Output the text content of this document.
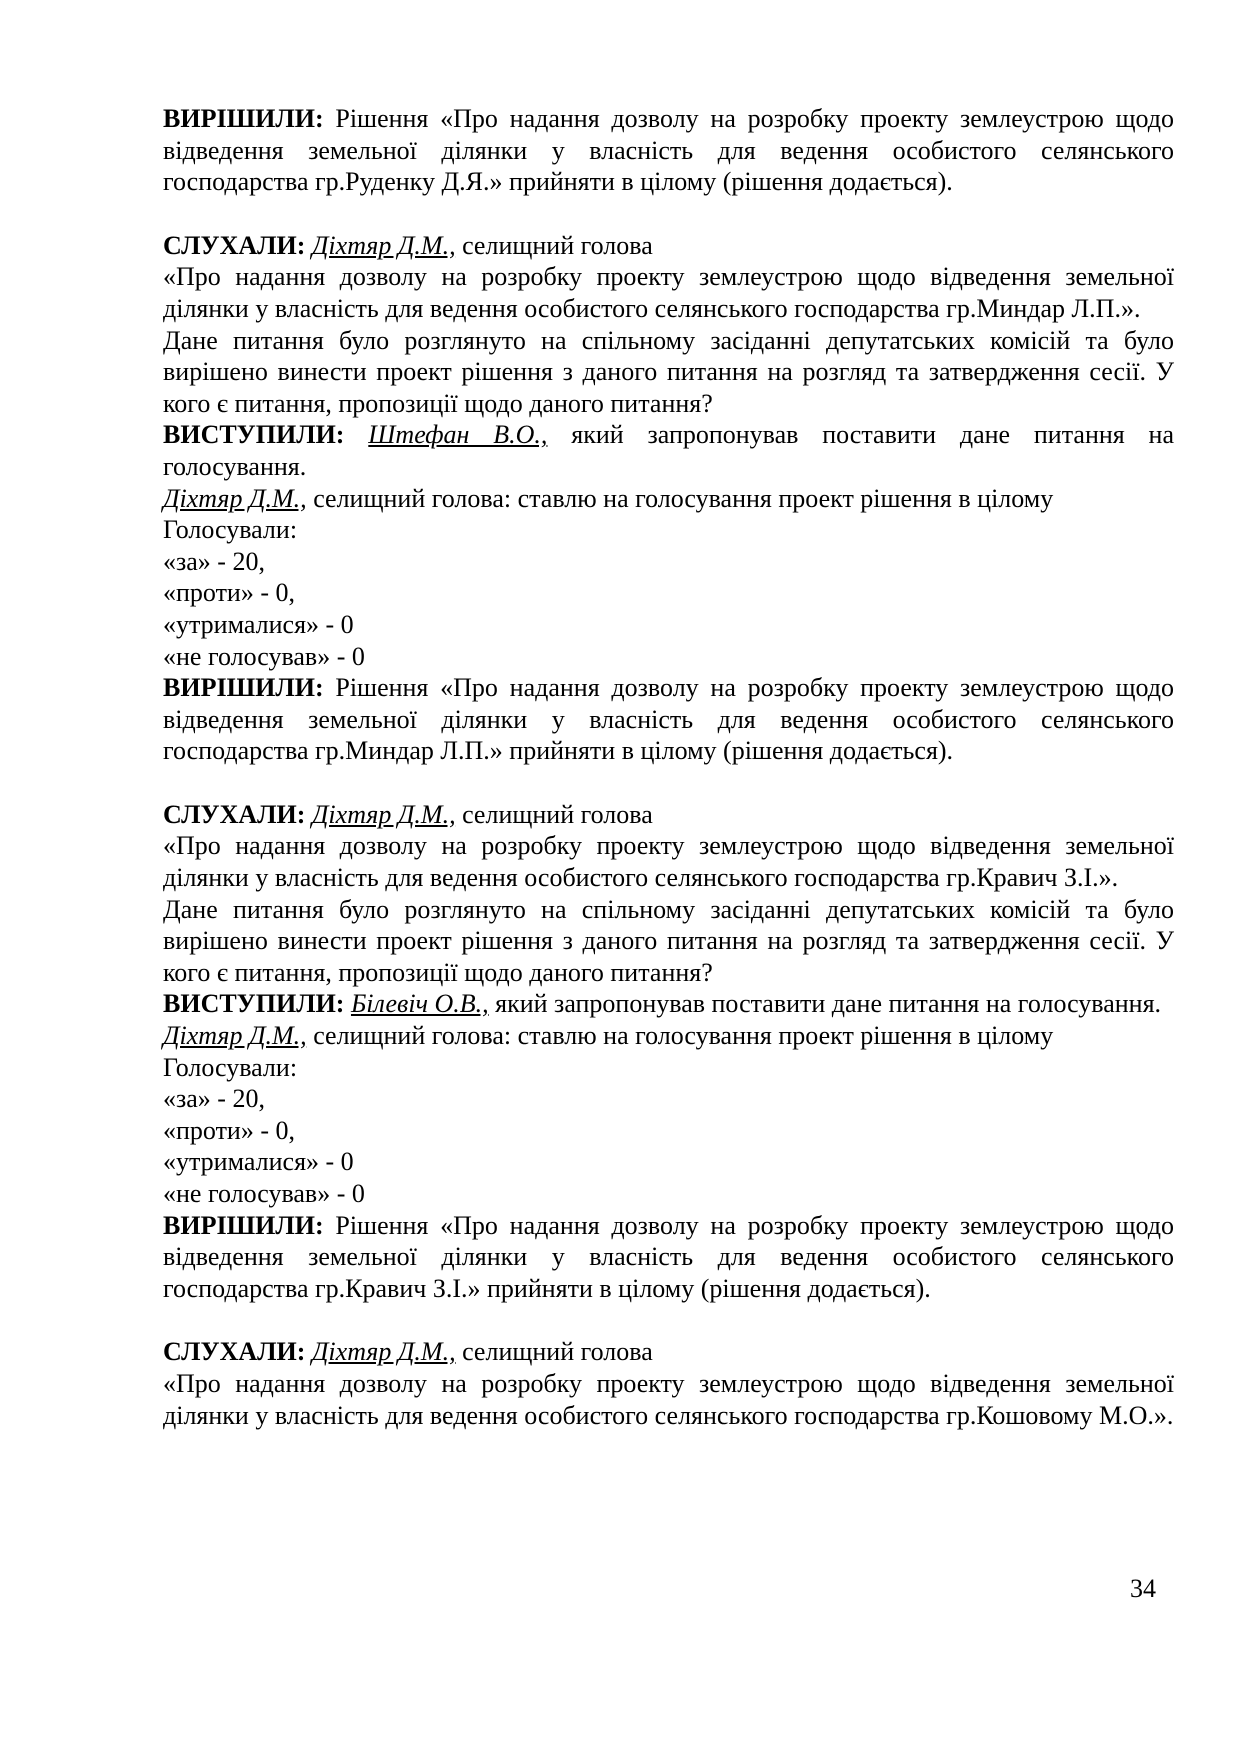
ВИРІШИЛИ: Рішення «Про надання дозволу на розробку проекту землеустрою щодо відведення земельної ділянки у власність для ведення особистого селянського господарства гр.Руденку Д.Я.» прийняти в цілому (рішення додається).

СЛУХАЛИ: Діхтяр Д.М., селищний голова

«Про надання дозволу на розробку проекту землеустрою щодо відведення земельної ділянки у власність для ведення особистого селянського господарства гр.Миндар Л.П.».

Дане питання було розглянуто на спільному засіданні депутатських комісій та було вирішено винести проект рішення з даного питання на розгляд та затвердження сесії. У кого є питання, пропозиції щодо даного питання?

ВИСТУПИЛИ: Штефан В.О., який запропонував поставити дане питання на голосування.

Діхтяр Д.М., селищний голова: ставлю на голосування проект рішення в цілому

Голосували:

«за» - 20,

«проти» - 0,

«утрималися» - 0

«не голосував» - 0

ВИРІШИЛИ: Рішення «Про надання дозволу на розробку проекту землеустрою щодо відведення земельної ділянки у власність для ведення особистого селянського господарства гр.Миндар Л.П.» прийняти в цілому (рішення додається).

СЛУХАЛИ: Діхтяр Д.М., селищний голова

«Про надання дозволу на розробку проекту землеустрою щодо відведення земельної ділянки у власність для ведення особистого селянського господарства гр.Кравич З.І.».

Дане питання було розглянуто на спільному засіданні депутатських комісій та було вирішено винести проект рішення з даного питання на розгляд та затвердження сесії. У кого є питання, пропозиції щодо даного питання?

ВИСТУПИЛИ: Білевіч О.В., який запропонував поставити дане питання на голосування.

Діхтяр Д.М., селищний голова: ставлю на голосування проект рішення в цілому

Голосували:

«за» - 20,

«проти» - 0,

«утрималися» - 0

«не голосував» - 0

ВИРІШИЛИ: Рішення «Про надання дозволу на розробку проекту землеустрою щодо відведення земельної ділянки у власність для ведення особистого селянського господарства гр.Кравич З.І.» прийняти в цілому (рішення додається).

СЛУХАЛИ: Діхтяр Д.М., селищний голова

«Про надання дозволу на розробку проекту землеустрою щодо відведення земельної ділянки у власність для ведення особистого селянського господарства гр.Кошовому М.О.».

34
